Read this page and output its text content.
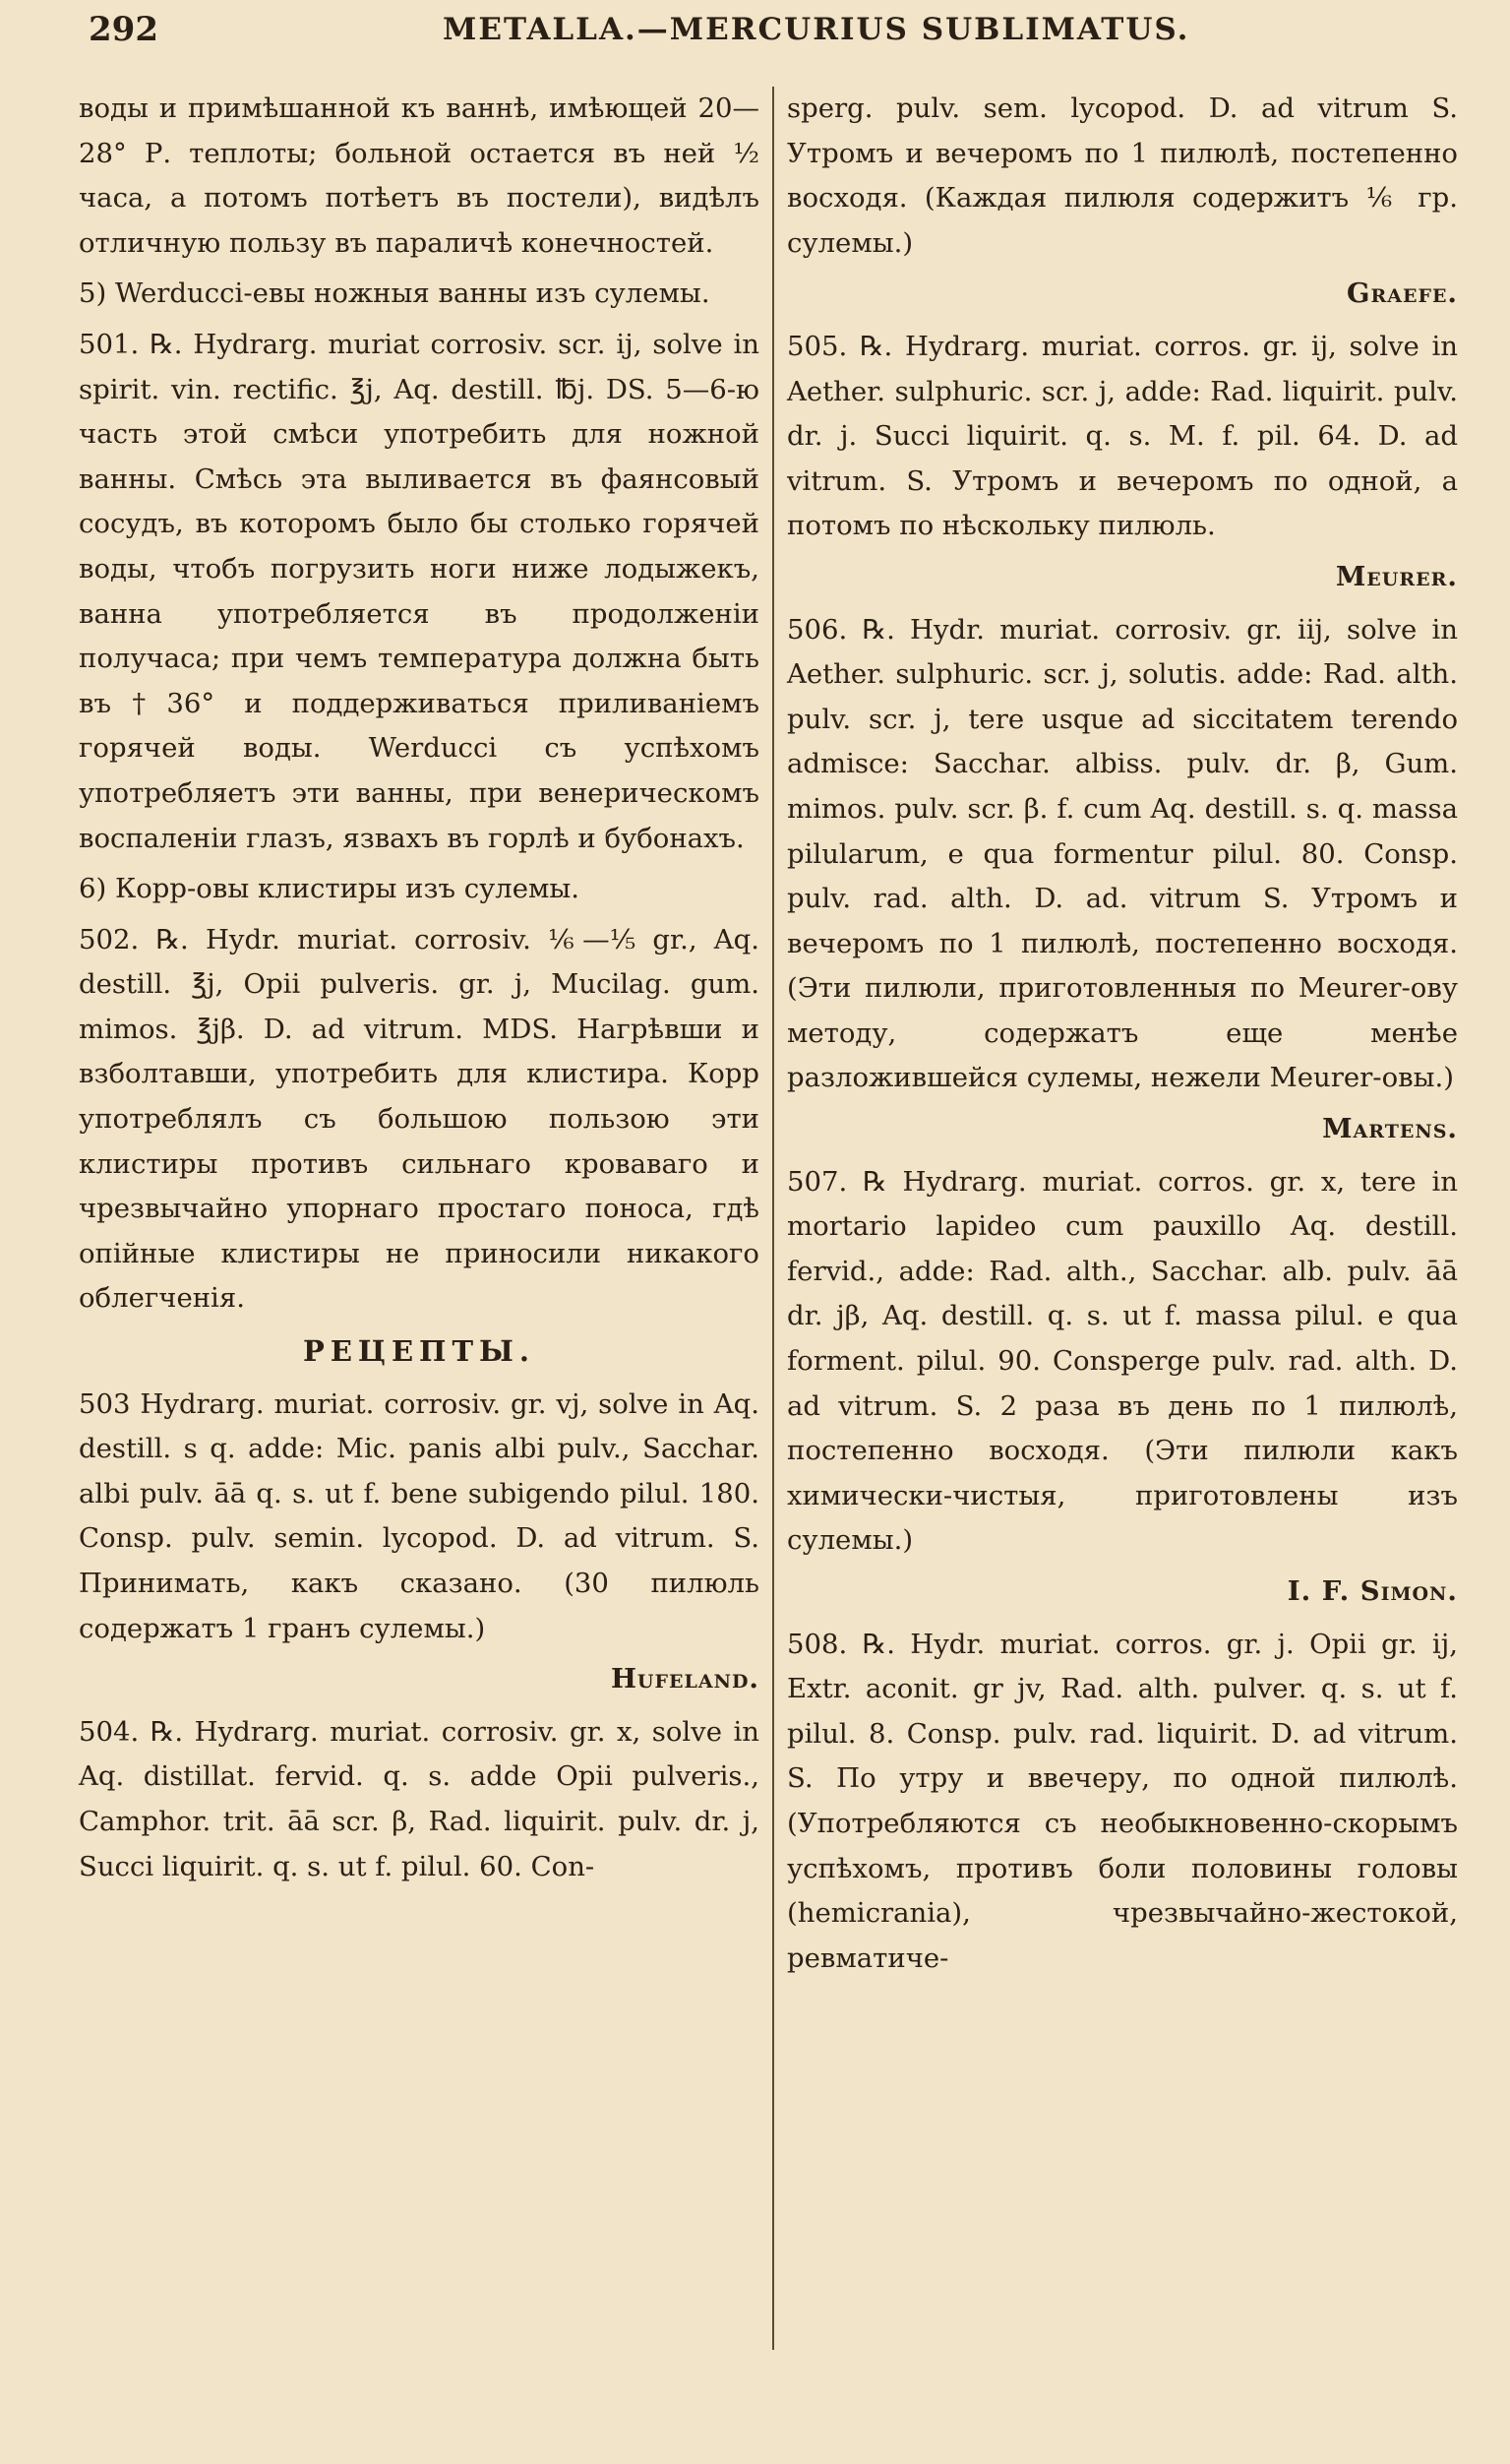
292	METALLA.—MERCURIUS SUBLIMATUS.

воды и примѣшанной къ ваннѣ, имѣющей 20—28° Р. теплоты; больной остается въ ней ½ часа, а потомъ потѣетъ въ постели), видѣлъ отличную пользу въ параличѣ конечностей.

5) Werducci-евы ножныя ванны изъ сулемы.

501. ℞. Hydrarg. muriat corrosiv. scr. ij, solve in spirit. vin. rectific. ℥j, Aq. destill. ℔j. DS. 5—6-ю часть этой смѣси употребить для ножной ванны. Смѣсь эта выливается въ фаянсовый сосудъ, въ которомъ было бы столько горячей воды, чтобъ погрузить ноги ниже лодыжекъ, ванна употребляется въ продолженіи получаса; при чемъ температура должна быть въ†36° и поддерживаться приливаніемъ горячей воды. Werducci съ успѣхомъ употребляетъ эти ванны, при венерическомъ воспаленіи глазъ, язвахъ въ горлѣ и бубонахъ.

6) Корр-овы клистиры изъ сулемы.

502. ℞. Hydr. muriat. corrosiv. ⅙—⅕ gr., Aq. destill. ℥j, Opii pulveris. gr. j, Mucilag. gum. mimos. ℥jβ. D. ad vitrum. MDS. Нагрѣвши и взболтавши, употребить для клистира. Корр употреблялъ съ большою пользою эти клистиры противъ сильнаго кроваваго и чрезвычайно упорнаго простаго поноса, гдѣ опійные клистиры не приносили никакого облегченія.

РЕЦЕПТЫ.

503 Hydrarg. muriat. corrosiv. gr. vj, solve in Aq. destill. s q. adde: Mic. panis albi pulv., Sacchar. albi pulv. āā q. s. ut f. bene subigendo pilul. 180. Consp. pulv. semin. lycopod. D. ad vitrum. S. Принимать, какъ сказано. (30 пилюль содержатъ 1 гранъ сулемы.)

Hufeland.

504. ℞. Hydrarg. muriat. corrosiv. gr. x, solve in Aq. distillat. fervid. q. s. adde Opii pulveris., Camphor. trit. āā scr. β, Rad. liquirit. pulv. dr. j, Succi liquirit. q. s. ut f. pilul. 60. Con-

sperg. pulv. sem. lycopod. D. ad vitrum S. Утромъ и вечеромъ по 1 пилюлѣ, постепенно восходя. (Каждая пилюля содержитъ ⅙ гр. сулемы.)

Graefe.

505. ℞. Hydrarg. muriat. corros. gr. ij, solve in Aether. sulphuric. scr. j, adde: Rad. liquirit. pulv. dr. j. Succi liquirit. q. s. M. f. pil. 64. D. ad vitrum. S. Утромъ и вечеромъ по одной, а потомъ по нѣскольку пилюль.

Meurer.

506. ℞. Hydr. muriat. corrosiv. gr. iij, solve in Aether. sulphuric. scr. j, solutis. adde: Rad. alth. pulv. scr. j, tere usque ad siccitatem terendo admisce: Sacchar. albiss. pulv. dr. β, Gum. mimos. pulv. scr. β. f. cum Aq. destill. s. q. massa pilularum, e qua formentur pilul. 80. Consp. pulv. rad. alth. D. ad. vitrum S. Утромъ и вечеромъ по 1 пилюлѣ, постепенно восходя. (Эти пилюли, приготовленныя по Meurer-ову методу, содержатъ еще менѣе разложившейся сулемы, нежели Meurer-овы.)

Martens.

507. ℞ Hydrarg. muriat. corros. gr. x, tere in mortario lapideo cum pauxillo Aq. destill. fervid., adde: Rad. alth., Sacchar. alb. pulv. āā dr. jβ, Aq. destill. q. s. ut f. massa pilul. e qua forment. pilul. 90. Consperge pulv. rad. alth. D. ad vitrum. S. 2 раза въ день по 1 пилюлѣ, постепенно восходя. (Эти пилюли какъ химически-чистыя, приготовлены изъ сулемы.)

I. F. Simon.

508. ℞. Hydr. muriat. corros. gr. j. Opii gr. ij, Extr. aconit. gr jv, Rad. alth. pulver. q. s. ut f. pilul. 8. Consp. pulv. rad. liquirit. D. ad vitrum. S. По утру и ввечеру, по одной пилюлѣ. (Употребляются съ необыкновенно-скорымъ успѣхомъ, противъ боли половины головы (hemicrania), чрезвычайно-жестокой, ревматиче-
